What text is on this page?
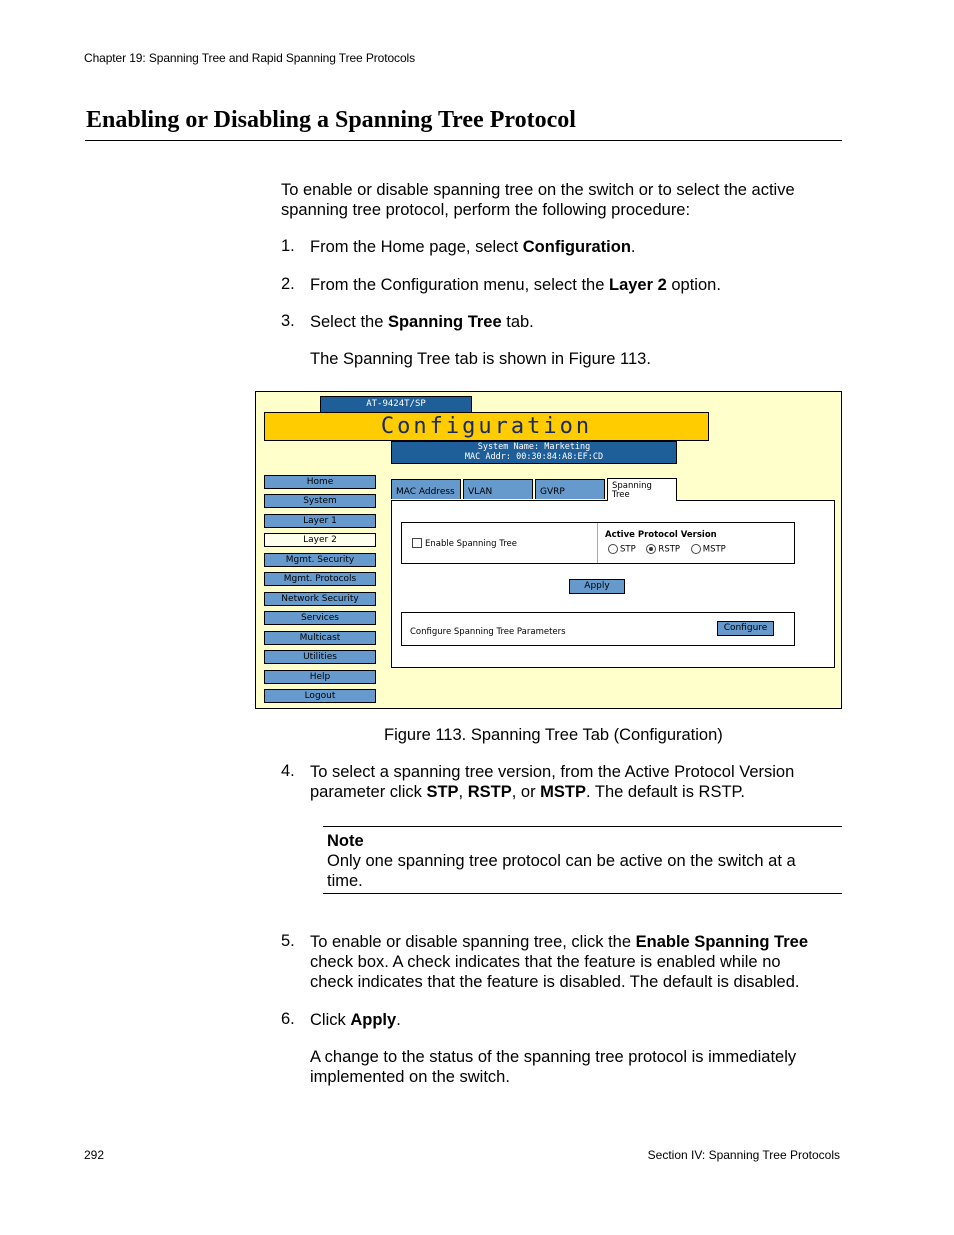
Chapter 19: Spanning Tree and Rapid Spanning Tree Protocols
Enabling or Disabling a Spanning Tree Protocol
To enable or disable spanning tree on the switch or to select the active
spanning tree protocol, perform the following procedure:
1. From the Home page, select Configuration.
2. From the Configuration menu, select the Layer 2 option.
3. Select the Spanning Tree tab.
The Spanning Tree tab is shown in Figure 113.
AT-9424T/SP
Configuration
System Name: Marketing
MAC Addr: 00:30:84:A8:EF:CD
Home
System
Layer 1
Layer 2
Mgmt. Security
Mgmt. Protocols
Network Security
Services
Multicast
Utilities
Help
Logout
MAC Address	VLAN	GVRP
Spanning
Tree
Enable Spanning Tree
Active Protocol Version
STP	RSTP	MSTP
Apply
Configure Spanning Tree Parameters	Configure
Figure 113. Spanning Tree Tab (Configuration)
4. To select a spanning tree version, from the Active Protocol Version
parameter click STP, RSTP, or MSTP. The default is RSTP.
Note
Only one spanning tree protocol can be active on the switch at a
time.
5. To enable or disable spanning tree, click the Enable Spanning Tree
check box. A check indicates that the feature is enabled while no
check indicates that the feature is disabled. The default is disabled.
6. Click Apply.
A change to the status of the spanning tree protocol is immediately
implemented on the switch.
292	Section IV: Spanning Tree Protocols
